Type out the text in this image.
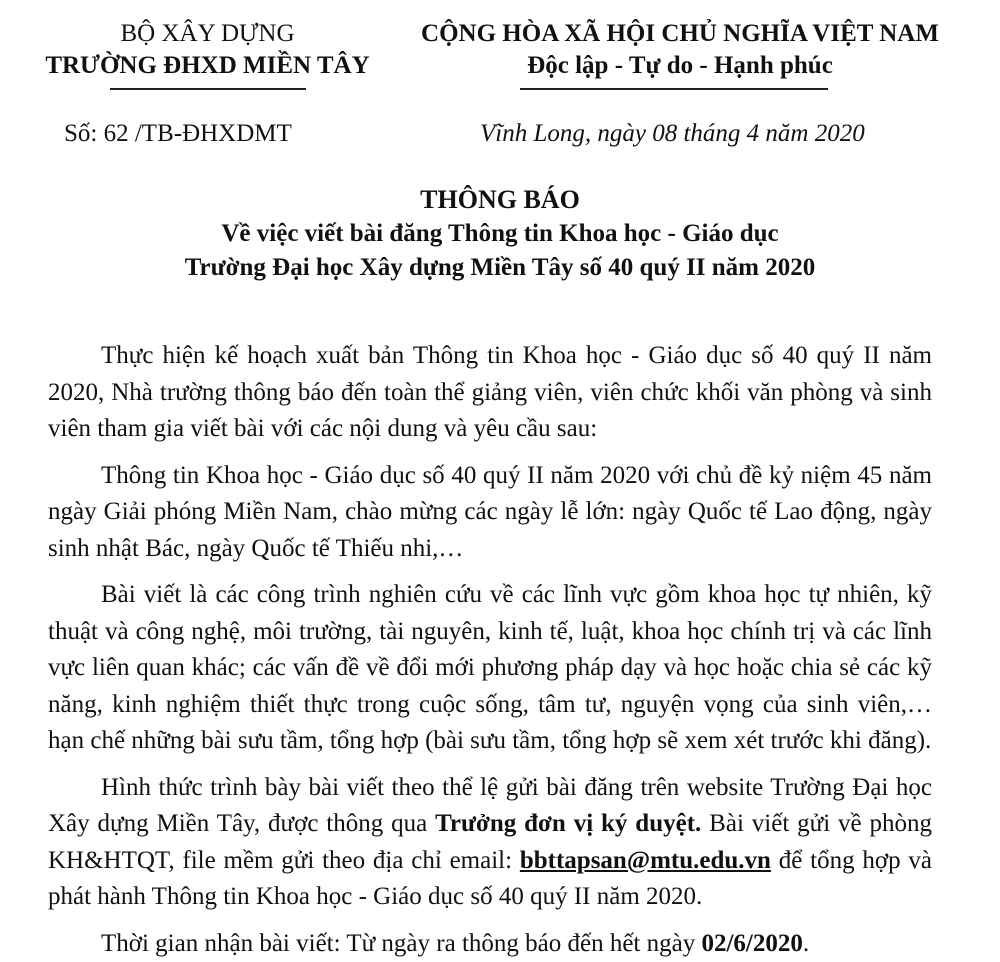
BỘ XÂY DỰNG
TRƯỜNG ĐHXD MIỀN TÂY
CỘNG HÒA XÃ HỘI CHỦ NGHĨA VIỆT NAM
Độc lập - Tự do - Hạnh phúc
Số: 62 /TB-ĐHXDMT	Vĩnh Long, ngày 08 tháng 4 năm 2020
THÔNG BÁO
Về việc viết bài đăng Thông tin Khoa học - Giáo dục
Trường Đại học Xây dựng Miền Tây số 40 quý II năm 2020

Thực hiện kế hoạch xuất bản Thông tin Khoa học - Giáo dục số 40 quý II năm 2020, Nhà trường thông báo đến toàn thể giảng viên, viên chức khối văn phòng và sinh viên tham gia viết bài với các nội dung và yêu cầu sau:

Thông tin Khoa học - Giáo dục số 40 quý II năm 2020 với chủ đề kỷ niệm 45 năm ngày Giải phóng Miền Nam, chào mừng các ngày lễ lớn: ngày Quốc tế Lao động, ngày sinh nhật Bác, ngày Quốc tế Thiếu nhi,…

Bài viết là các công trình nghiên cứu về các lĩnh vực gồm khoa học tự nhiên, kỹ thuật và công nghệ, môi trường, tài nguyên, kinh tế, luật, khoa học chính trị và các lĩnh vực liên quan khác; các vấn đề về đổi mới phương pháp dạy và học hoặc chia sẻ các kỹ năng, kinh nghiệm thiết thực trong cuộc sống, tâm tư, nguyện vọng của sinh viên,… hạn chế những bài sưu tầm, tổng hợp (bài sưu tầm, tổng hợp sẽ xem xét trước khi đăng).

Hình thức trình bày bài viết theo thể lệ gửi bài đăng trên website Trường Đại học Xây dựng Miền Tây, được thông qua Trưởng đơn vị ký duyệt. Bài viết gửi về phòng KH&HTQT, file mềm gửi theo địa chỉ email: bbttapsan@mtu.edu.vn để tổng hợp và phát hành Thông tin Khoa học - Giáo dục số 40 quý II năm 2020.

Thời gian nhận bài viết: Từ ngày ra thông báo đến hết ngày 02/6/2020.
